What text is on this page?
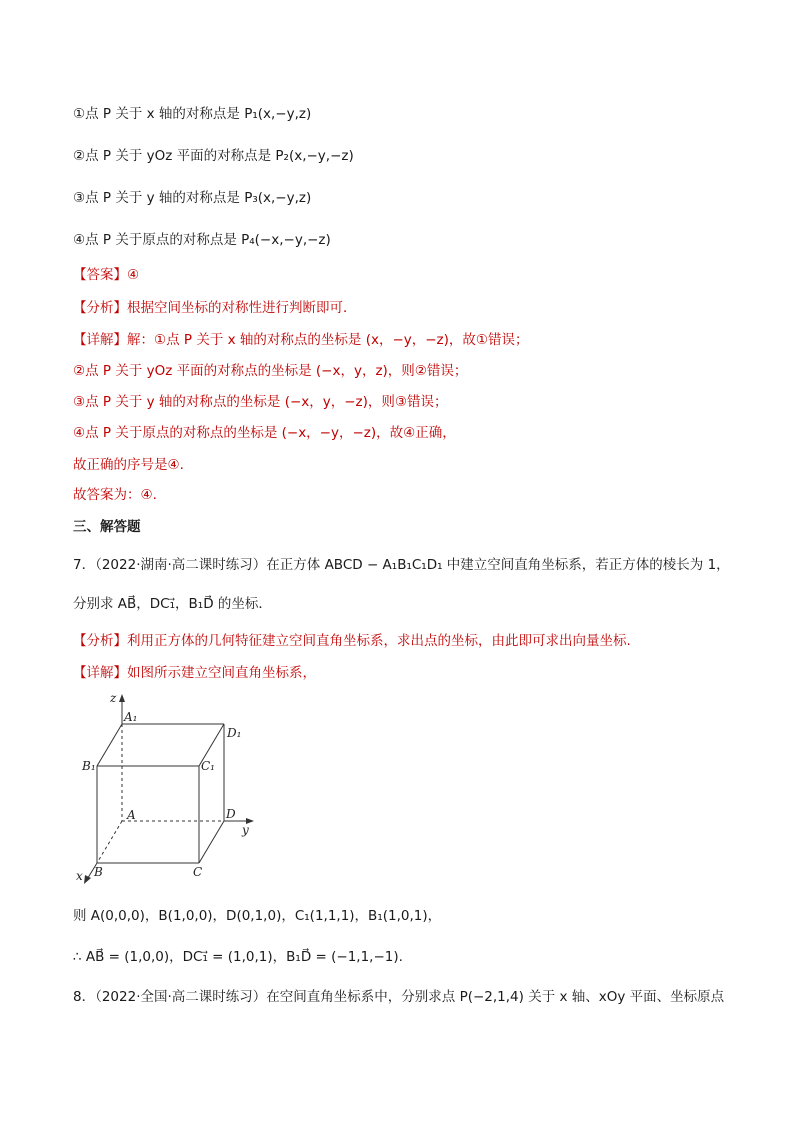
①点 P 关于 x 轴的对称点是 P₁(x,−y,z)
②点 P 关于 yOz 平面的对称点是 P₂(x,−y,−z)
③点 P 关于 y 轴的对称点是 P₃(x,−y,z)
④点 P 关于原点的对称点是 P₄(−x,−y,−z)
【答案】④
【分析】根据空间坐标的对称性进行判断即可．
【详解】解：①点 P 关于 x 轴的对称点的坐标是 (x，−y，−z)，故①错误；
②点 P 关于 yOz 平面的对称点的坐标是 (−x，y，z)，则②错误；
③点 P 关于 y 轴的对称点的坐标是 (−x，y，−z)，则③错误；
④点 P 关于原点的对称点的坐标是 (−x，−y，−z)，故④正确，
故正确的序号是④.
故答案为：④.
三、解答题
7．（2022·湖南·高二课时练习）在正方体 ABCD − A₁B₁C₁D₁ 中建立空间直角坐标系，若正方体的棱长为 1，
分别求 AB⃗，DC₁⃗，B₁D⃗ 的坐标．
【分析】利用正方体的几何特征建立空间直角坐标系，求出点的坐标，由此即可求出向量坐标.
【详解】如图所示建立空间直角坐标系，
z
y
x
A₁
D₁
B₁	C₁
A	D
B	C
则 A(0,0,0)，B(1,0,0)，D(0,1,0)，C₁(1,1,1)，B₁(1,0,1)，
∴ AB⃗ = (1,0,0)，DC₁⃗ = (1,0,1)，B₁D⃗ = (−1,1,−1).
8．（2022·全国·高二课时练习）在空间直角坐标系中，分别求点 P(−2,1,4) 关于 x 轴、xOy 平面、坐标原点
